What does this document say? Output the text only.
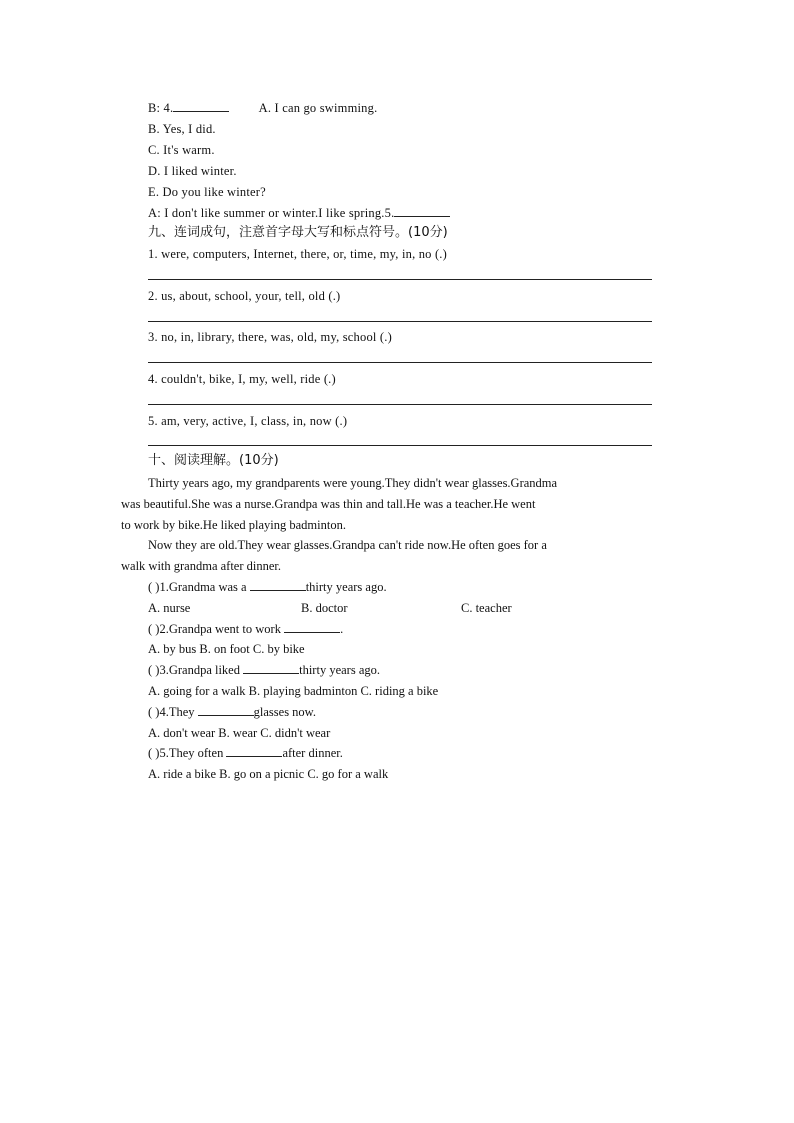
B: 4.	A. I can go swimming.
B. Yes, I did.
C. It's warm.
D. I liked winter.
E. Do you like winter?
A: I don't like summer or winter.I like spring.5.
九、连词成句，注意首字母大写和标点符号。(10分)
1. were, computers, Internet, there, or, time, my, in, no (.)
2. us, about, school, your, tell, old (.)
3. no, in, library, there, was, old, my, school (.)
4. couldn't, bike, I, my, well, ride (.)
5. am, very, active, I, class, in, now (.)
十、阅读理解。(10分)
Thirty years ago, my grandparents were young.They didn't wear glasses.Grandma
was beautiful.She was a nurse.Grandpa was thin and tall.He was a teacher.He went
to work by bike.He liked playing badminton.
Now they are old.They wear glasses.Grandpa can't ride now.He often goes for a
walk with grandma after dinner.
( )1.Grandma was a	thirty years ago.
A. nurse	B. doctor	C. teacher
( )2.Grandpa went to work	.
A. by bus B. on foot C. by bike
( )3.Grandpa liked	thirty years ago.
A. going for a walk B. playing badminton C. riding a bike
( )4.They	glasses now.
A. don't wear B. wear C. didn't wear
( )5.They often	after dinner.
A. ride a bike B. go on a picnic C. go for a walk
